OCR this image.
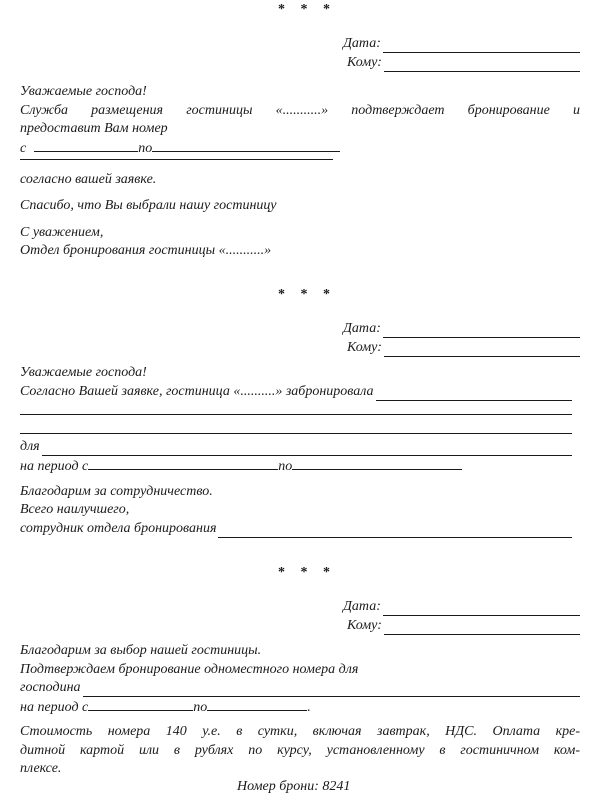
* * *
Дата:
Кому:
Уважаемые господа!
Служба размещения гостиницы «...........» подтверждает бронирование и
предоставит Вам номер
с	по
согласно вашей заявке.
Спасибо, что Вы выбрали нашу гостиницу
С уважением,
Отдел бронирования гостиницы «...........»
* * *
Дата:
Кому:
Уважаемые господа!
Согласно Вашей заявке, гостиница «..........» забронировала
для
на период с	по
Благодарим за сотрудничество.
Всего наилучшего,
сотрудник отдела бронирования
* * *
Дата:
Кому:
Благодарим за выбор нашей гостиницы.
Подтверждаем бронирование одноместного номера для
господина
на период с	по	.
Стоимость номера 140 у.е. в сутки, включая завтрак, НДС. Оплата кре-
дитной картой или в рублях по курсу, установленному в гостиничном ком-
плексе.
Номер брони: 8241
